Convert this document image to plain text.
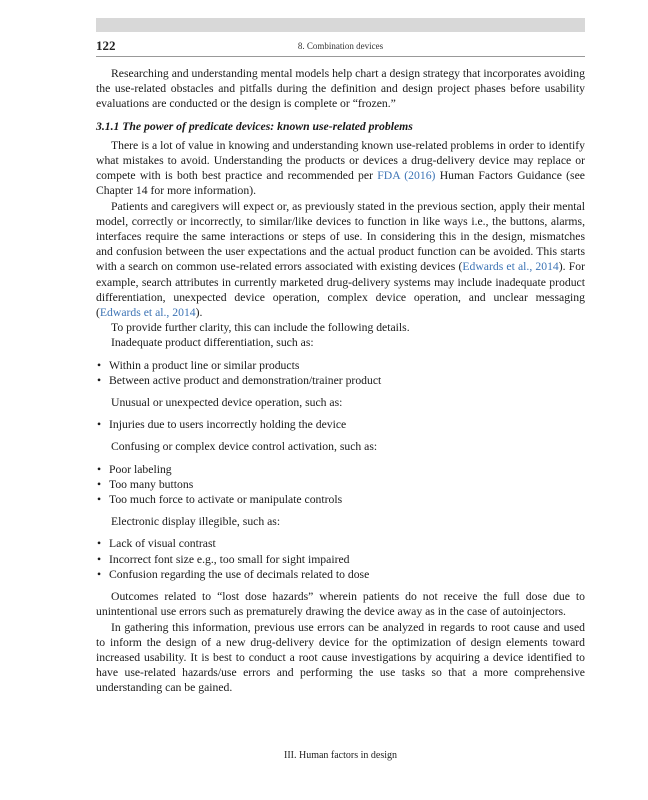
122	8. Combination devices

Researching and understanding mental models help chart a design strategy that incorporates avoiding the use-related obstacles and pitfalls during the definition and design project phases before usability evaluations are conducted or the design is complete or “frozen.”

3.1.1 The power of predicate devices: known use-related problems

There is a lot of value in knowing and understanding known use-related problems in order to identify what mistakes to avoid. Understanding the products or devices a drug-delivery device may replace or compete with is both best practice and recommended per FDA (2016) Human Factors Guidance (see Chapter 14 for more information).

Patients and caregivers will expect or, as previously stated in the previous section, apply their mental model, correctly or incorrectly, to similar/like devices to function in like ways i.e., the buttons, alarms, interfaces require the same interactions or steps of use. In considering this in the design, mismatches and confusion between the user expectations and the actual product function can be avoided. This starts with a search on common use-related errors associated with existing devices (Edwards et al., 2014). For example, search attributes in currently marketed drug-delivery systems may include inadequate product differentiation, unexpected device operation, complex device operation, and unclear messaging (Edwards et al., 2014).

To provide further clarity, this can include the following details.

Inadequate product differentiation, such as:

• Within a product line or similar products
• Between active product and demonstration/trainer product

Unusual or unexpected device operation, such as:

• Injuries due to users incorrectly holding the device

Confusing or complex device control activation, such as:

• Poor labeling
• Too many buttons
• Too much force to activate or manipulate controls

Electronic display illegible, such as:

• Lack of visual contrast
• Incorrect font size e.g., too small for sight impaired
• Confusion regarding the use of decimals related to dose

Outcomes related to “lost dose hazards” wherein patients do not receive the full dose due to unintentional use errors such as prematurely drawing the device away as in the case of autoinjectors.

In gathering this information, previous use errors can be analyzed in regards to root cause and used to inform the design of a new drug-delivery device for the optimization of design elements toward increased usability. It is best to conduct a root cause investigations by acquiring a device identified to have use-related hazards/use errors and performing the use tasks so that a more comprehensive understanding can be gained.

III. Human factors in design
